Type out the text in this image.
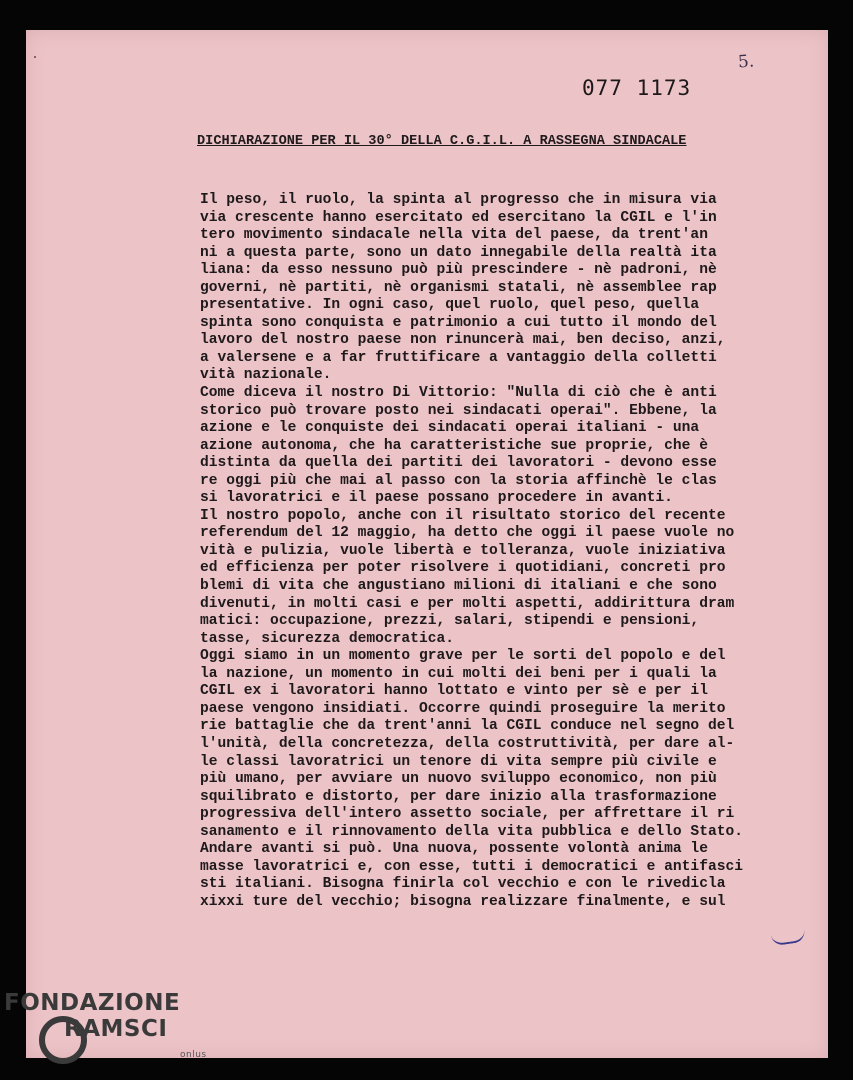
5.
077 1173
DICHIARAZIONE PER IL 30° DELLA C.G.I.L. A RASSEGNA SINDACALE
Il peso, il ruolo, la spinta al progresso che in misura via
via crescente hanno esercitato ed esercitano la CGIL e l'in
tero movimento sindacale nella vita del paese, da trent'an
ni a questa parte, sono un dato innegabile della realtà ita
liana: da esso nessuno può più prescindere - nè padroni, nè
governi, nè partiti, nè organismi statali, nè assemblee rap
presentative. In ogni caso, quel ruolo, quel peso, quella
spinta sono conquista e patrimonio a cui tutto il mondo del
lavoro del nostro paese non rinuncerà mai, ben deciso, anzi,
a valersene e a far fruttificare a vantaggio della colletti
vità nazionale.
Come diceva il nostro Di Vittorio: "Nulla di ciò che è anti
storico può trovare posto nei sindacati operai". Ebbene, la
azione e le conquiste dei sindacati operai italiani - una
azione autonoma, che ha caratteristiche sue proprie, che è
distinta da quella dei partiti dei lavoratori - devono esse
re oggi più che mai al passo con la storia affinchè le clas
si lavoratrici e il paese possano procedere in avanti.
Il nostro popolo, anche con il risultato storico del recente
referendum del 12 maggio, ha detto che oggi il paese vuole no
vità e pulizia, vuole libertà e tolleranza, vuole iniziativa
ed efficienza per poter risolvere i quotidiani, concreti pro
blemi di vita che angustiano milioni di italiani e che sono
divenuti, in molti casi e per molti aspetti, addirittura dram
matici: occupazione, prezzi, salari, stipendi e pensioni,
tasse, sicurezza democratica.
Oggi siamo in un momento grave per le sorti del popolo e del
la nazione, un momento in cui molti dei beni per i quali la
CGIL ex i lavoratori hanno lottato e vinto per sè e per il
paese vengono insidiati. Occorre quindi proseguire la merito
rie battaglie che da trent'anni la CGIL conduce nel segno del
l'unità, della concretezza, della costruttività, per dare al-
le classi lavoratrici un tenore di vita sempre più civile e
più umano, per avviare un nuovo sviluppo economico, non più
squilibrato e distorto, per dare inizio alla trasformazione
progressiva dell'intero assetto sociale, per affrettare il ri
sanamento e il rinnovamento della vita pubblica e dello Stato.
Andare avanti si può. Una nuova, possente volontà anima le
masse lavoratrici e, con esse, tutti i democratici e antifasci
sti italiani. Bisogna finirla col vecchio e con le rivedicla
xixxi ture del vecchio; bisogna realizzare finalmente, e sul
FONDAZIONE
RAMSCI
onlus
